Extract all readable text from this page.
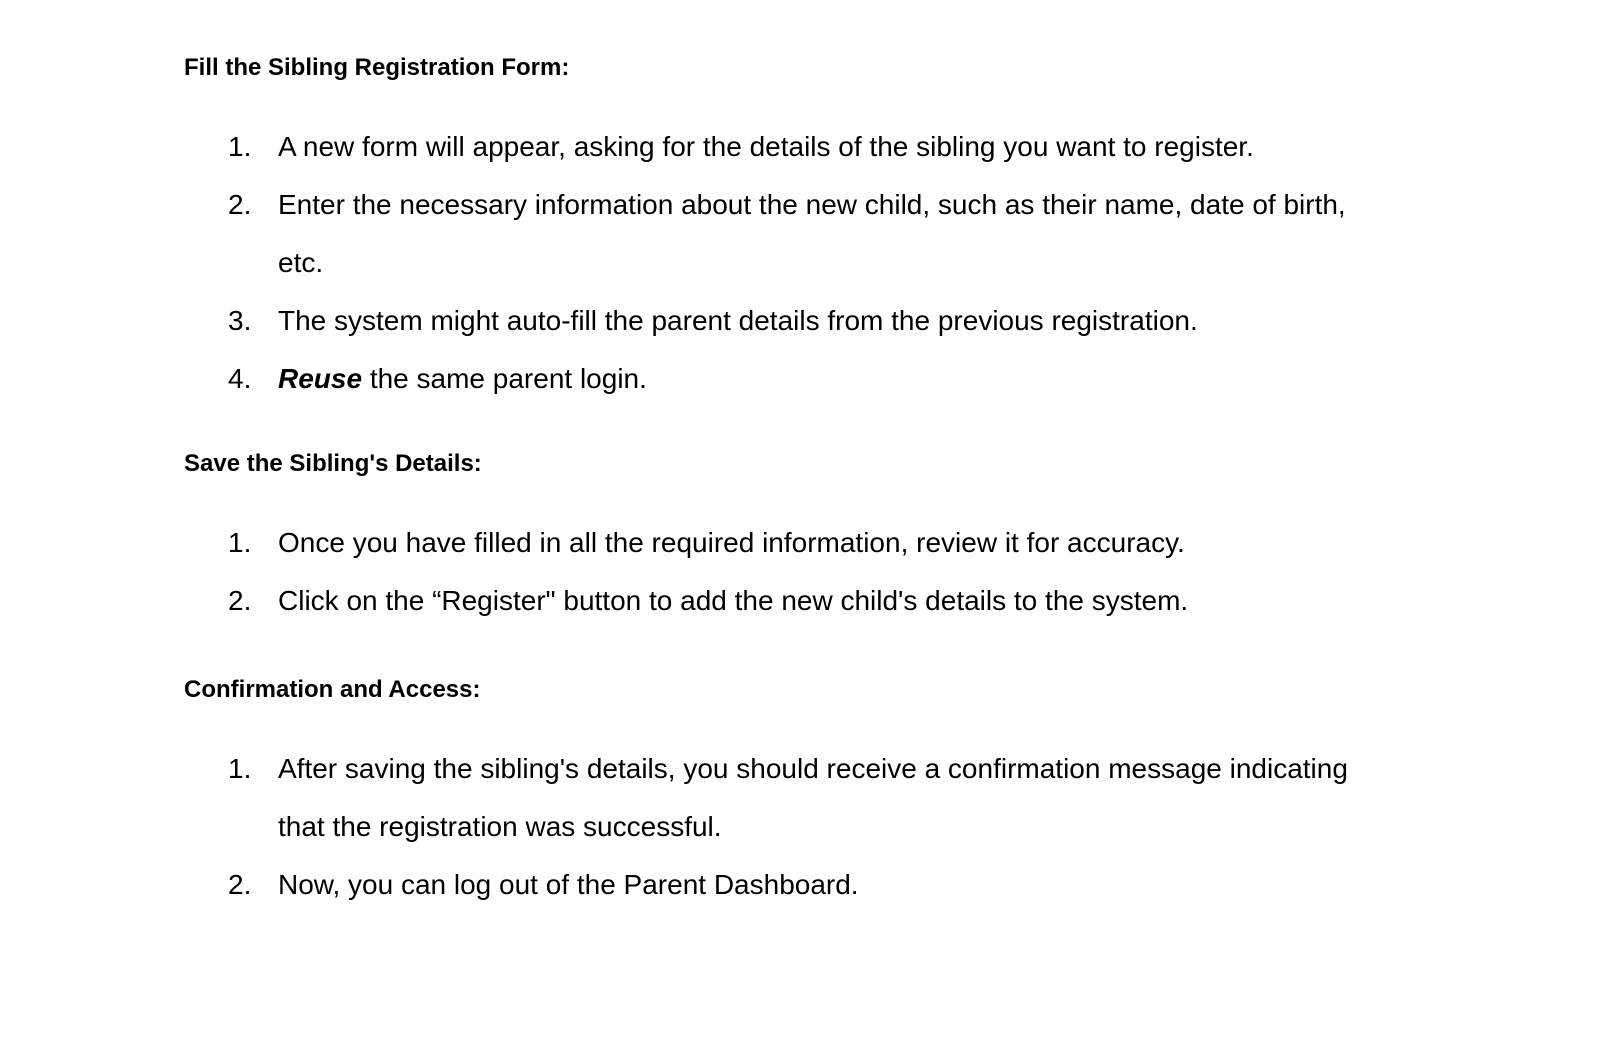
Fill the Sibling Registration Form:
1. A new form will appear, asking for the details of the sibling you want to register.
2. Enter the necessary information about the new child, such as their name, date of birth, etc.
3. The system might auto-fill the parent details from the previous registration.
4. Reuse the same parent login.
Save the Sibling's Details:
1. Once you have filled in all the required information, review it for accuracy.
2. Click on the “Register" button to add the new child's details to the system.
Confirmation and Access:
1. After saving the sibling's details, you should receive a confirmation message indicating that the registration was successful.
2. Now, you can log out of the Parent Dashboard.
